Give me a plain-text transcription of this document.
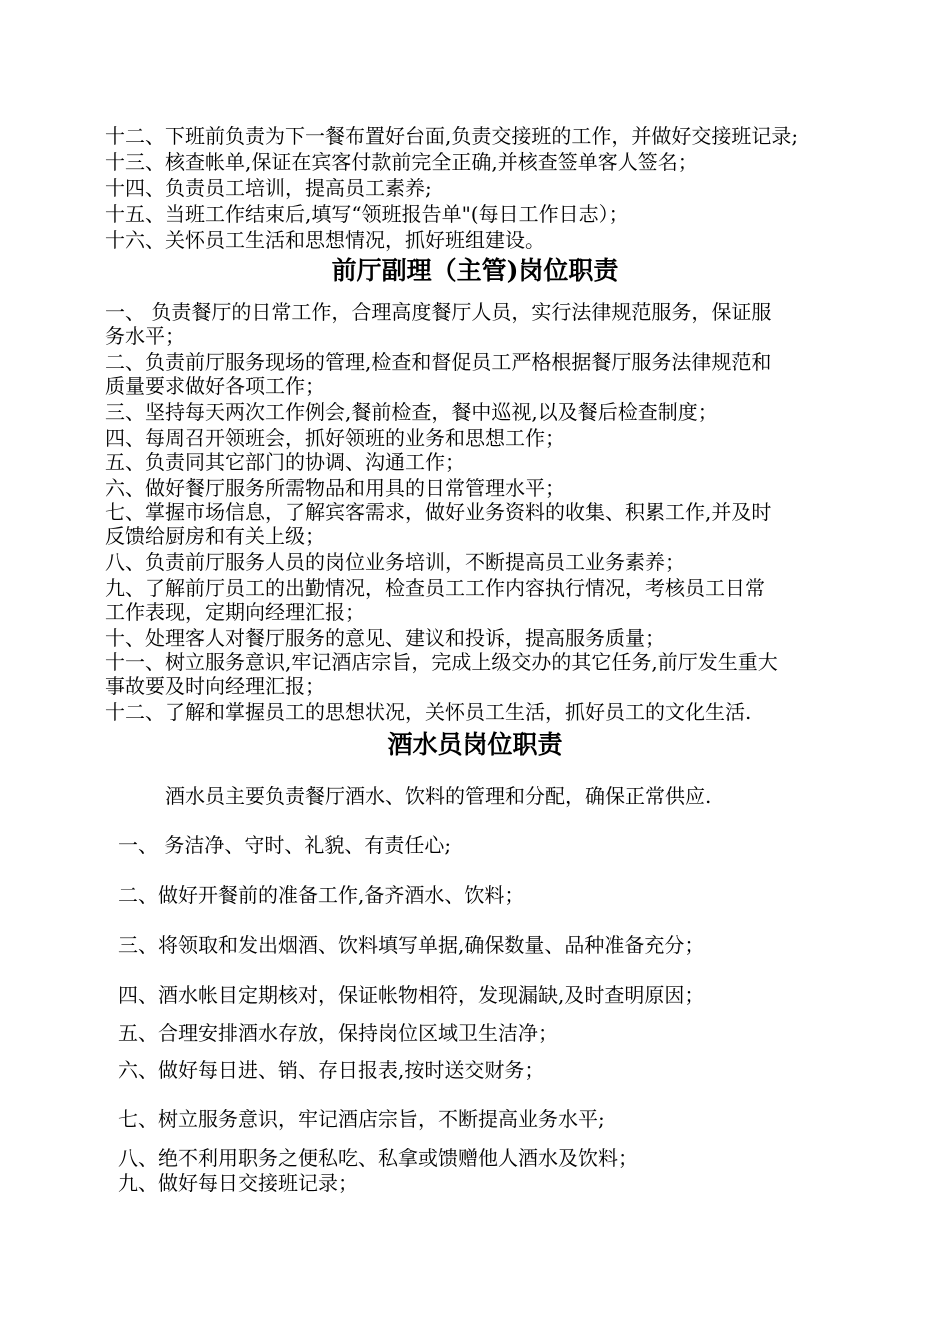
十二、下班前负责为下一餐布置好台面,负责交接班的工作，并做好交接班记录;

十三、核查帐单,保证在宾客付款前完全正确,并核查签单客人签名；

十四、负责员工培训，提高员工素养;

十五、当班工作结束后,填写“领班报告单"(每日工作日志）；

十六、关怀员工生活和思想情况，抓好班组建设。

前厅副理（主管)岗位职责

一、 负责餐厅的日常工作，合理高度餐厅人员，实行法律规范服务，保证服

务水平；

二、负责前厅服务现场的管理,检查和督促员工严格根据餐厅服务法律规范和

质量要求做好各项工作；

三、坚持每天两次工作例会,餐前检查，餐中巡视,以及餐后检查制度；

四、每周召开领班会，抓好领班的业务和思想工作；

五、负责同其它部门的协调、沟通工作；

六、做好餐厅服务所需物品和用具的日常管理水平；

七、掌握市场信息，了解宾客需求，做好业务资料的收集、积累工作,并及时

反馈给厨房和有关上级；

八、负责前厅服务人员的岗位业务培训，不断提高员工业务素养；

九、了解前厅员工的出勤情况，检查员工工作内容执行情况，考核员工日常

工作表现，定期向经理汇报；

十、处理客人对餐厅服务的意见、建议和投诉，提高服务质量；

十一、树立服务意识,牢记酒店宗旨，完成上级交办的其它任务,前厅发生重大

事故要及时向经理汇报；

十二、了解和掌握员工的思想状况，关怀员工生活，抓好员工的文化生活.

酒水员岗位职责

酒水员主要负责餐厅酒水、饮料的管理和分配，确保正常供应.

一、 务洁净、守时、礼貌、有责任心;

二、做好开餐前的准备工作,备齐酒水、饮料；

三、将领取和发出烟酒、饮料填写单据,确保数量、品种准备充分；

四、酒水帐目定期核对，保证帐物相符，发现漏缺,及时查明原因；

五、合理安排酒水存放，保持岗位区域卫生洁净；

六、做好每日进、销、存日报表,按时送交财务；

七、树立服务意识，牢记酒店宗旨，不断提高业务水平;

八、绝不利用职务之便私吃、私拿或馈赠他人酒水及饮料；

九、做好每日交接班记录；
